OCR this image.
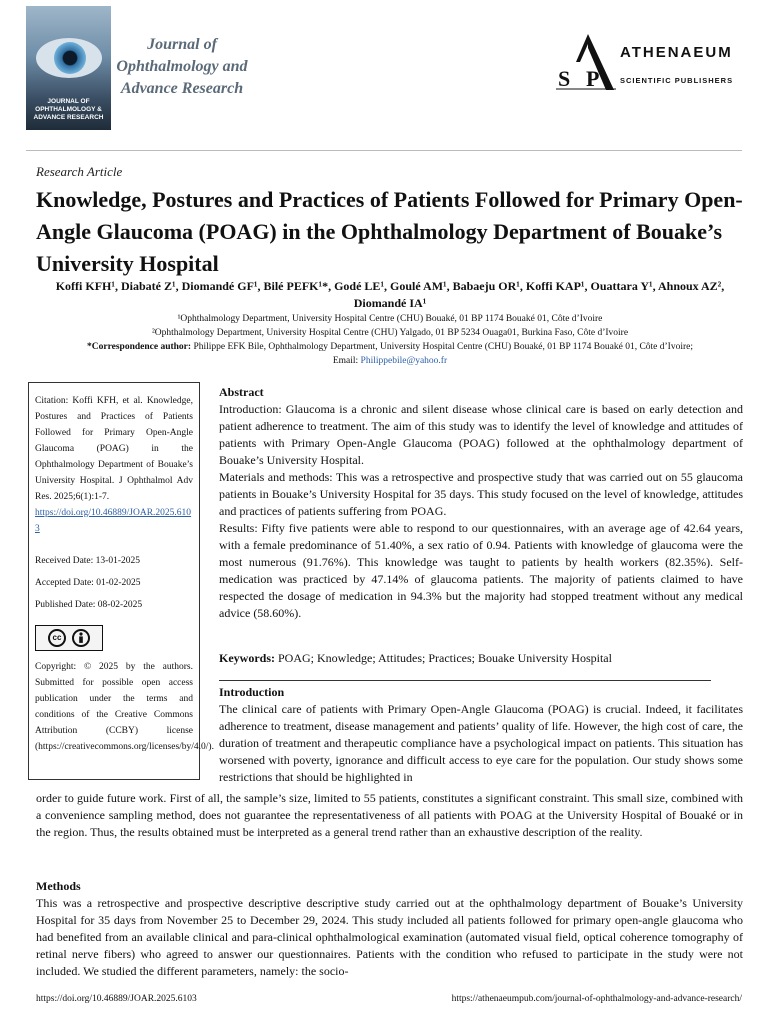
JOURNAL OF OPHTHALMOLOGY & ADVANCE RESEARCH
Journal of
Ophthalmology and
Advance Research	S P
ATHENAEUM
SCIENTIFIC PUBLISHERS
Research Article
Knowledge, Postures and Practices of Patients Followed for Primary Open-Angle Glaucoma (POAG) in the Ophthalmology Department of Bouake’s University Hospital
Koffi KFH¹, Diabaté Z¹, Diomandé GF¹, Bilé PEFK¹*, Godé LE¹, Goulé AM¹, Babaeju OR¹, Koffi KAP¹, Ouattara Y¹, Ahnoux AZ², Diomandé IA¹
¹Ophthalmology Department, University Hospital Centre (CHU) Bouaké, 01 BP 1174 Bouaké 01, Côte d’Ivoire
²Ophthalmology Department, University Hospital Centre (CHU) Yalgado, 01 BP 5234 Ouaga01, Burkina Faso, Côte d’Ivoire
*Correspondence author: Philippe EFK Bile, Ophthalmology Department, University Hospital Centre (CHU) Bouaké, 01 BP 1174 Bouaké 01, Côte d’Ivoire;
Email: Philippebile@yahoo.fr
Citation: Koffi KFH, et al. Knowledge, Postures and Practices of Patients Followed for Primary Open-Angle Glaucoma (POAG) in the Ophthalmology Department of Bouake’s University Hospital. J Ophthalmol Adv Res. 2025;6(1):1-7.
https://doi.org/10.46889/JOAR.2025.6103
Received Date: 13-01-2025
Accepted Date: 01-02-2025
Published Date: 08-02-2025
cc
Copyright: © 2025 by the authors. Submitted for possible open access publication under the terms and conditions of the Creative Commons Attribution (CCBY) license (https://creativecommons.org/licenses/by/4.0/).
Abstract
Introduction: Glaucoma is a chronic and silent disease whose clinical care is based on early detection and patient adherence to treatment. The aim of this study was to identify the level of knowledge and attitudes of patients with Primary Open-Angle Glaucoma (POAG) followed at the ophthalmology department of Bouake’s University Hospital.
Materials and methods: This was a retrospective and prospective study that was carried out on 55 glaucoma patients in Bouake’s University Hospital for 35 days. This study focused on the level of knowledge, attitudes and practices of patients suffering from POAG.
Results: Fifty five patients were able to respond to our questionnaires, with an average age of 42.64 years, with a female predominance of 51.40%, a sex ratio of 0.94. Patients with knowledge of glaucoma were the most numerous (91.76%). This knowledge was taught to patients by health workers (82.35%). Self-medication was practiced by 47.14% of glaucoma patients. The majority of patients claimed to have respected the dosage of medication in 94.3% but the majority had stopped treatment without any medical advice (58.60%).
Keywords: POAG; Knowledge; Attitudes; Practices; Bouake University Hospital
Introduction
The clinical care of patients with Primary Open-Angle Glaucoma (POAG) is crucial. Indeed, it facilitates adherence to treatment, disease management and patients’ quality of life. However, the high cost of care, the duration of treatment and therapeutic compliance have a psychological impact on patients. This situation has worsened with poverty, ignorance and difficult access to eye care for the population. Our study shows some restrictions that should be highlighted in
order to guide future work. First of all, the sample’s size, limited to 55 patients, constitutes a significant constraint. This small size, combined with a convenience sampling method, does not guarantee the representativeness of all patients with POAG at the University Hospital of Bouaké or in the region. Thus, the results obtained must be interpreted as a general trend rather than an exhaustive description of the reality.
Methods
This was a retrospective and prospective descriptive descriptive study carried out at the ophthalmology department of Bouake’s University Hospital for 35 days from November 25 to December 29, 2024. This study included all patients followed for primary open-angle glaucoma who had benefited from an available clinical and para-clinical ophthalmological examination (automated visual field, optical coherence tomography of retinal nerve fibers) who agreed to answer our questionnaires. Patients with the condition who refused to participate in the study were not included. We studied the different parameters, namely: the socio-
https://doi.org/10.46889/JOAR.2025.6103	https://athenaeumpub.com/journal-of-ophthalmology-and-advance-research/
